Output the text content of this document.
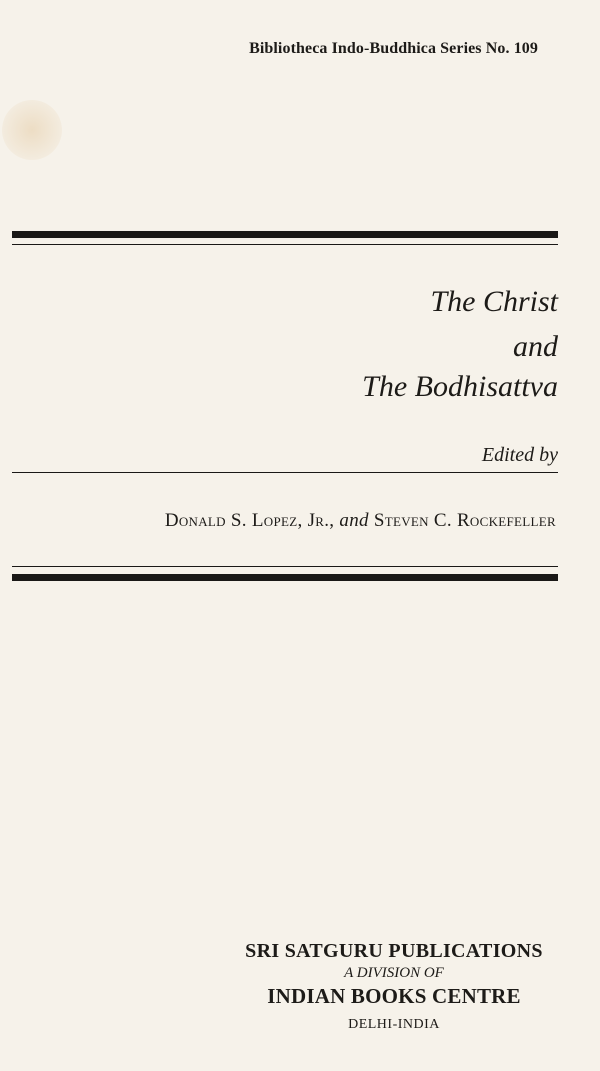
Bibliotheca Indo-Buddhica Series No. 109
The Christ
and
The Bodhisattva
Edited by
Donald S. Lopez, Jr., and Steven C. Rockefeller
SRI SATGURU PUBLICATIONS
A DIVISION OF
INDIAN BOOKS CENTRE
DELHI-INDIA
